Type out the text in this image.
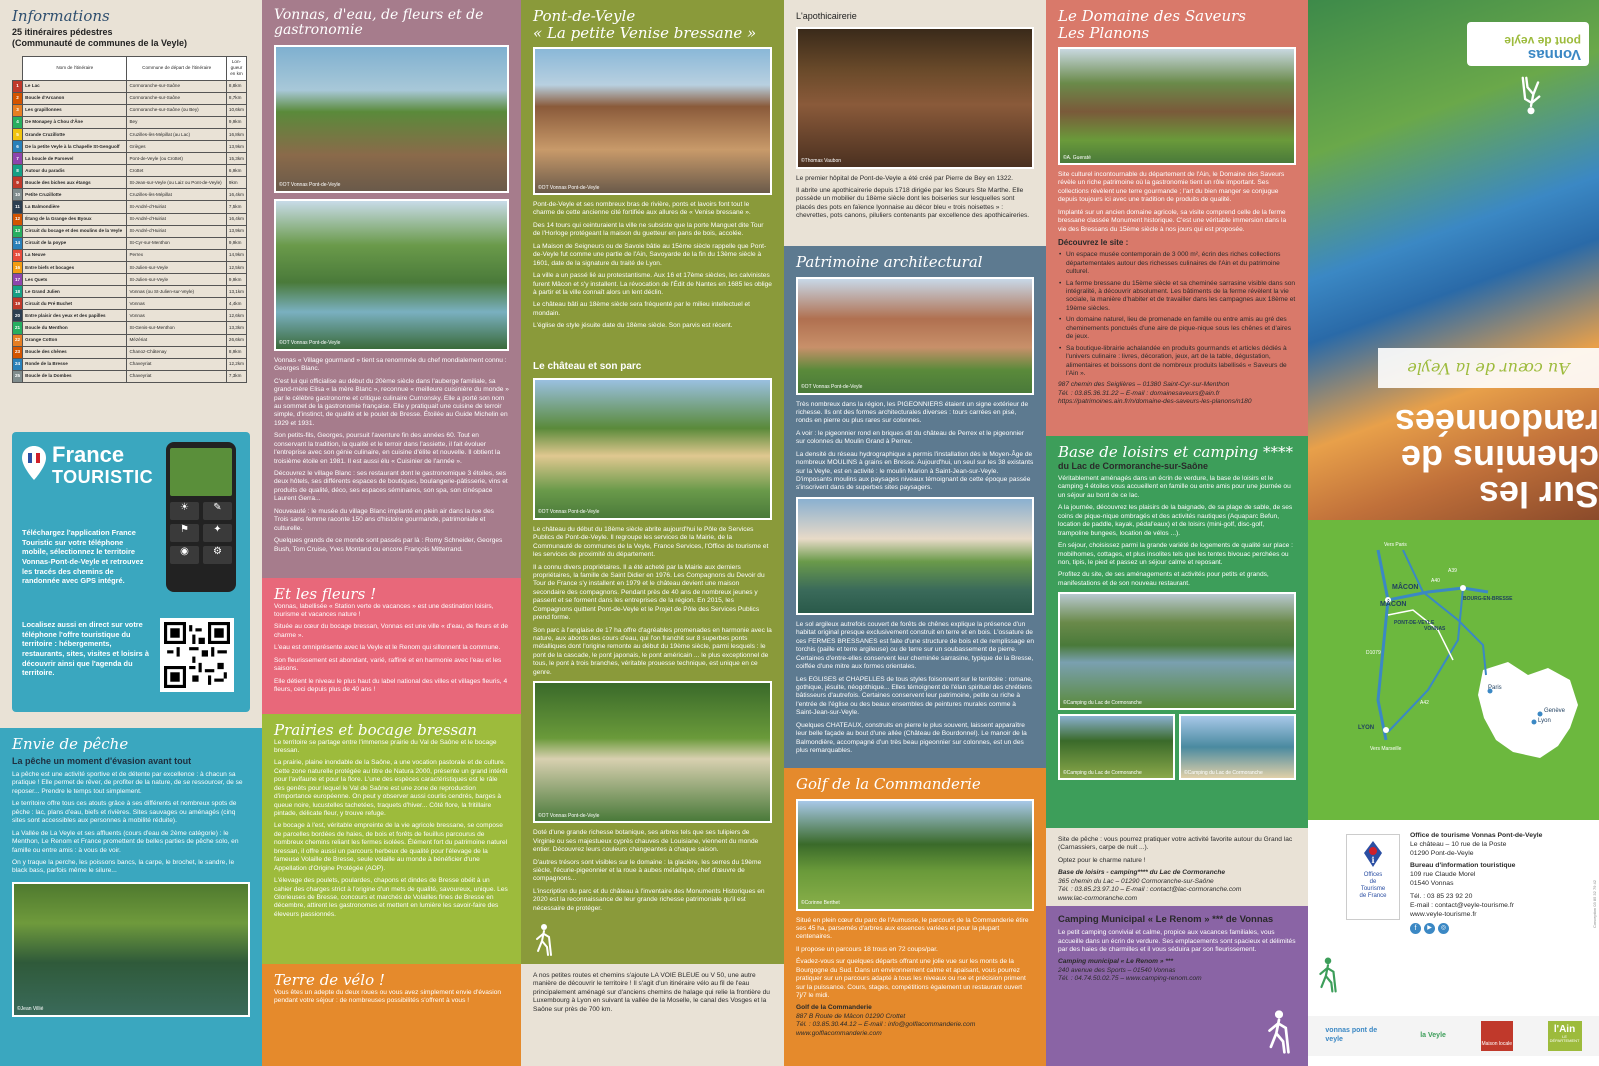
Informations
25 itinéraires pédestres
(Communauté de communes de la Veyle)
	Nom de l'itinéraire	Commune de départ de l'itinéraire	Lon-gueur en km
1	Le Lac	Cormoranche-sur-Saône	8,8km
2	Boucle d'Arcanon	Cormoranche-sur-Saône	8,7km
3	Les grapillonnes	Cormoranche-sur-Saône (ou Bey)	10,6km
4	De Monapey à Chou d'Âne	Bey	9,9km
5	Grande Cruzillotte	Cruzilles-lès-Mépillat (au Lac)	16,8km
6	De la petite Veyle à la Chapelle St-Genguolf	Grièges	13,9km
7	La boucle de Parsevel	Pont-de-Veyle (ou Crottet)	15,3km
8	Autour du paradis	Crottet	6,9km
9	Boucle des biches aux étangs	St-Jean-sur-Veyle (ou Laiz ou Pont-de-Veyle)	9km
10	Petite Cruzillotte	Cruzilles-lès-Mépillat	16,4km
11	La Balmondière	St-André-d'Huiriat	7,5km
12	Étang de la Grange des Byoux	St-André-d'Huiriat	16,4km
13	Circuit du bocage et des moulins de la Veyle	St-André-d'Huiriat	13,9km
14	Circuit de la poype	St-Cyr-sur-Menthon	9,9km
15	La Neuve	Perrex	14,9km
16	Entre biefs et bocages	St-Julien-sur-Veyle	12,5km
17	Les Quets	St-Julien-sur-Veyle	9,9km
18	Le Grand Julien	Vonnas (ou St-Julien-sur-Veyle)	13,1km
19	Circuit du Pré Buchet	Vonnas	4,4km
20	Entre plaisir des yeux et des papilles	Vonnas	12,6km
21	Boucle du Menthon	St-Genis-sur-Menthon	13,3km
22	Grange Cotton	Mézériat	26,6km
23	Boucle des chênes	Chanoz-Châtenay	8,9km
24	Ronde de la Bresse	Chaveyriat	12,2km
25	Boucle de la Dombes	Chaveyriat	7,3km
France
TOURISTIC
☀	✎
⚑	✦
◉	⚙
Téléchargez l'application France Touristic sur votre téléphone mobile, sélectionnez le territoire Vonnas-Pont-de-Veyle et retrouvez les tracés des chemins de randonnée avec GPS intégré.
Localisez aussi en direct sur votre téléphone l'offre touristique du territoire : hébergements, restaurants, sites, visites et loisirs à découvrir ainsi que l'agenda du territoire.
Envie de pêche
La pêche un moment d'évasion avant tout

La pêche est une activité sportive et de détente par excellence : à chacun sa pratique ! Elle permet de rêver, de profiter de la nature, de se ressourcer, de se reposer... Prendre le temps tout simplement.

Le territoire offre tous ces atouts grâce à ses différents et nombreux spots de pêche : lac, plans d'eau, biefs et rivières. Sites sauvages ou aménagés (cinq sites sont accessibles aux personnes à mobilité réduite).

La Vallée de La Veyle et ses affluents (cours d'eau de 2ème catégorie) : le Menthon, Le Renom et France promettent de belles parties de pêche solo, en famille ou entre amis : à vous de voir.

On y traque la perche, les poissons bancs, la carpe, le brochet, le sandre, le black bass, parfois même le silure...

©Jean Villié
Vonnas, d'eau, de fleurs et de gastronomie
©OT Vonnas Pont-de-Veyle
©OT Vonnas Pont-de-Veyle

Vonnas « Village gourmand » tient sa renommée du chef mondialement connu : Georges Blanc.

C'est lui qui officialise au début du 20ème siècle dans l'auberge familiale, sa grand-mère Elisa « la mère Blanc », reconnue « meilleure cuisinière du monde » par le célèbre gastronome et critique culinaire Curnonsky. Elle a porté son nom au sommet de la gastronomie française. Elle y pratiquait une cuisine de terroir simple, d'instinct, de qualité et le poulet de Bresse. Étoilée au Guide Michelin en 1929 et 1931.

Son petits-fils, Georges, poursuit l'aventure fin des années 60. Tout en conservant la tradition, la qualité et le terroir dans l'assiette, il fait évoluer l'entreprise avec son génie culinaire, en cuisine d'élite et nouvelle. Il obtient la troisième étoile en 1981. Il est aussi élu « Cuisinier de l'année ».

Découvrez le village Blanc : ses restaurant dont le gastronomique 3 étoiles, ses deux hôtels, ses différents espaces de boutiques, boulangerie-pâtisserie, vins et produits de qualité, déco, ses espaces séminaires, son spa, son cinéspace Laurent Gerra...

Nouveauté : le musée du village Blanc implanté en plein air dans la rue des Trois sans femme raconte 150 ans d'histoire gourmande, patrimoniale et culturelle.

Quelques grands de ce monde sont passés par là : Romy Schneider, Georges Bush, Tom Cruise, Yves Montand ou encore François Mitterrand.

Et les fleurs !

Vonnas, labellisée « Station verte de vacances » est une destination loisirs, tourisme et vacances nature !

Située au cœur du bocage bressan, Vonnas est une ville « d'eau, de fleurs et de charme ».

L'eau est omniprésente avec la Veyle et le Renom qui sillonnent la commune.

Son fleurissement est abondant, varié, raffiné et en harmonie avec l'eau et les saisons.

Elle détient le niveau le plus haut du label national des villes et villages fleuris, 4 fleurs, ceci depuis plus de 40 ans !

Prairies et bocage bressan

Le territoire se partage entre l'immense prairie du Val de Saône et le bocage bressan.

La prairie, plaine inondable de la Saône, a une vocation pastorale et de culture. Cette zone naturelle protégée au titre de Natura 2000, présente un grand intérêt pour l'avifaune et pour la flore. L'une des espèces caractéristiques est le râle des genêts pour lequel le Val de Saône est une zone de reproduction d'importance européenne. On peut y observer aussi courlis cendrés, barges à queue noire, lucustelles tachetées, traquets d'hiver... Côté flore, la fritillaire pintade, délicate fleur, y trouve refuge.

Le bocage à l'est, véritable empreinte de la vie agricole bressane, se compose de parcelles bordées de haies, de bois et forêts de feuillus parcourus de nombreux chemins reliant les fermes isolées. Élément fort du patrimoine naturel bressan, il offre aussi un parcours herbeux de qualité pour l'élevage de la fameuse Volaille de Bresse, seule volaille au monde à bénéficier d'une Appellation d'Origine Protégée (AOP).

L'élevage des poulets, poulardes, chapons et dindes de Bresse obéit à un cahier des charges strict à l'origine d'un mets de qualité, savoureux, unique. Les Glorieuses de Bresse, concours et marchés de Volailles fines de Bresse en décembre, attirent les gastronomes et mettent en lumière les savoir-faire des éleveurs passionnés.

Terre de vélo !

Vous êtes un adepte du deux roues ou vous avez simplement envie d'évasion pendant votre séjour : de nombreuses possibilités s'offrent à vous !

Pont-de-Veyle
« La petite Venise bressane »
©OT Vonnas Pont-de-Veyle

Pont-de-Veyle et ses nombreux bras de rivière, ponts et lavoirs font tout le charme de cette ancienne cité fortifiée aux allures de « Venise bressane ».

Des 14 tours qui ceinturaient la ville ne subsiste que la porte Manguet dite Tour de l'Horloge protégeant la maison du guetteur en pans de bois, accolée.

La Maison de Seigneurs ou de Savoie bâtie au 15ème siècle rappelle que Pont-de-Veyle fut comme une partie de l'Ain, Savoyarde de la fin du 13ème siècle à 1601, date de la signature du traité de Lyon.

La ville a un passé lié au protestantisme. Aux 16 et 17ème siècles, les calvinistes furent Mâcon et s'y installent. La révocation de l'Édit de Nantes en 1685 les oblige à partir et la ville connaît alors un lent déclin.

Le château bâti au 18ème siècle sera fréquenté par le milieu intellectuel et mondain.

L'église de style jésuite date du 18ème siècle. Son parvis est récent.

Le château et son parc
©OT Vonnas Pont-de-Veyle

Le château du début du 18ème siècle abrite aujourd'hui le Pôle de Services Publics de Pont-de-Veyle. Il regroupe les services de la Mairie, de la Communauté de communes de la Veyle, France Services, l'Office de tourisme et les services de proximité du département.

Il a connu divers propriétaires. Il a été acheté par la Mairie aux derniers propriétaires, la famille de Saint Didier en 1976. Les Compagnons du Devoir du Tour de France s'y installent en 1979 et le château devient une maison secondaire des compagnons. Pendant près de 40 ans de nombreux jeunes y passent et se forment dans les entreprises de la région. En 2015, les Compagnons quittent Pont-de-Veyle et le Projet de Pôle des Services Publics prend forme.

Son parc à l'anglaise de 17 ha offre d'agréables promenades en harmonie avec la nature, aux abords des cours d'eau, qui l'on franchit sur 8 superbes ponts métalliques dont l'origine remonte au début du 19ème siècle, parmi lesquels : le pont de la cascade, le pont japonais, le pont américain ... le plus exceptionnel de tous, le pont à trois branches, véritable prouesse technique, est unique en ce genre.

©OT Vonnas Pont-de-Veyle

Doté d'une grande richesse botanique, ses arbres tels que ses tulipiers de Virginie ou ses majestueux cyprès chauves de Louisiane, viennent du monde entier. Découvrez leurs couleurs changeantes à chaque saison.

D'autres trésors sont visibles sur le domaine : la glacière, les serres du 19ème siècle, l'écurie-pigeonnier et la roue à aubes métallique, chef d'œuvre de compagnons...

L'inscription du parc et du château à l'inventaire des Monuments Historiques en 2020 est la reconnaissance de leur grande richesse patrimoniale qu'il est nécessaire de protéger.

A nos petites routes et chemins s'ajoute LA VOIE BLEUE ou V 50, une autre manière de découvrir le territoire ! Il s'agit d'un itinéraire vélo au fil de l'eau principalement aménagé sur d'anciens chemins de halage qui relie la frontière du Luxembourg à Lyon en suivant la vallée de la Moselle, le canal des Vosges et la Saône sur près de 700 km.

L'apothicairerie
©Thomas Vaubon

Le premier hôpital de Pont-de-Veyle a été créé par Pierre de Bey en 1322.

Il abrite une apothicairerie depuis 1718 dirigée par les Sœurs Ste Marthe. Elle possède un mobilier du 18ème siècle dont les boiseries sur lesquelles sont placés des pots en faïence lyonnaise au décor bleu « trois noisettes » : chevrettes, pots canons, piluliers contenants par excellence des apothicaireries.

Patrimoine architectural
©OT Vonnas Pont-de-Veyle

Très nombreux dans la région, les PIGEONNIERS étaient un signe extérieur de richesse. Ils ont des formes architecturales diverses : tours carrées en pisé, ronds en pierre ou plus rares sur colonnes.

A voir : le pigeonnier rond en briques dit du château de Perrex et le pigeonnier sur colonnes du Moulin Grand à Perrex.

La densité du réseau hydrographique a permis l'installation dès le Moyen-Âge de nombreux MOULINS à grains en Bresse. Aujourd'hui, un seul sur les 38 existants sur la Veyle, est en activité : le moulin Marion à Saint-Jean-sur-Veyle. D'imposants moulins aux paysages niveaux témoignant de cette époque passée s'inscrivent dans de superbes sites paysagers.

Le sol argileux autrefois couvert de forêts de chênes explique la présence d'un habitat original presque exclusivement construit en terre et en bois. L'ossature de ces FERMES BRESSANES est faite d'une structure de bois et de remplissage en torchis (paille et terre argileuse) ou de terre sur un soubassement de pierre. Certaines d'entre-elles conservent leur cheminée sarrasine, typique de la Bresse, coiffée d'une mitre aux formes orientales.

Les EGLISES et CHAPELLES de tous styles foisonnent sur le territoire : romane, gothique, jésuite, néogothique... Elles témoignent de l'élan spirituel des chrétiens bâtisseurs d'autrefois. Certaines conservent leur patrimoine, petite ou riche à l'entrée de l'église ou des beaux ensembles de peintures murales comme à Saint-Jean-sur-Veyle.

Quelques CHATEAUX, construits en pierre le plus souvent, laissent apparaître leur belle façade au bout d'une allée (Château de Bourdonnel). Le manoir de la Balmondière, accompagné d'un très beau pigeonnier sur colonnes, est un des plus remarquables.

Golf de la Commanderie
©Corinne Berthet

Situé en plein cœur du parc de l'Aumusse, le parcours de la Commanderie étire ses 45 ha, parsemés d'arbres aux essences variées et pour la plupart centenaires.

Il propose un parcours 18 trous en 72 coups/par.

Évadez-vous sur quelques départs offrant une jolie vue sur les monts de la Bourgogne du Sud. Dans un environnement calme et apaisant, vous pourrez pratiquer sur un parcours adapté à tous les niveaux ou rse et précision priment sur la puissance. Cours, stages, compétitions également un restaurant ouvert 7j/7 le midi.

Golf de la Commanderie
887 B Route de Mâcon 01290 Crottet
Tél. : 03.85.30.44.12 – E-mail : info@golflacommanderie.com
www.golflacommanderie.com
Le Domaine des Saveurs
Les Planons
©A. Gueraté

Site culturel incontournable du département de l'Ain, le Domaine des Saveurs révèle un riche patrimoine où la gastronomie tient un rôle important. Ses collections révèlent une terre gourmande ; l'art du bien manger se conjugue depuis toujours ici avec une tradition de produits de qualité.

Implanté sur un ancien domaine agricole, sa visite comprend celle de la ferme bressane classée Monument historique. C'est une véritable immersion dans la vie des Bressans du 15ème siècle à nos jours qui est proposée.

Découvrez le site :
• Un espace musée contemporain de 3 000 m², écrin des riches collections départementales autour des richesses culinaires de l'Ain et du patrimoine culturel.
• La ferme bressane du 15ème siècle et sa cheminée sarrasine visible dans son intégralité, à découvrir absolument. Les bâtiments de la ferme révèlent la vie sociale, la manière d'habiter et de travailler dans les campagnes aux 18ème et 19ème siècles.
• Un domaine naturel, lieu de promenade en famille ou entre amis au gré des cheminements ponctués d'une aire de pique-nique sous les chênes et d'aires de jeux.
• Sa boutique-librairie achalandée en produits gourmands et articles dédiés à l'univers culinaire : livres, décoration, jeux, art de la table, dégustation, alimentaires et boissons dont de nombreux produits labellisés « Saveurs de l'Ain ».
987 chemin des Seiglières – 01380 Saint-Cyr-sur-Menthon
Tél. : 03.85.36.31.22 – E-mail : domainesaveurs@ain.fr
https://patrimoines.ain.fr/n/domaine-des-saveurs-les-planons/n180
Base de loisirs et camping ****
du Lac de Cormoranche-sur-Saône

Véritablement aménagés dans un écrin de verdure, la base de loisirs et le camping 4 étoiles vous accueillent en famille ou entre amis pour une journée ou un séjour au bord de ce lac.

A la journée, découvrez les plaisirs de la baignade, de sa plage de sable, de ses coins de pique-nique ombragés et des activités nautiques (Aquaparc Befun, location de paddle, kayak, pédal'eaux) et de loisirs (mini-golf, disc-golf, trampoline bungees, location de vélos ...).

En séjour, choisissez parmi la grande variété de logements de qualité sur place : mobilhomes, cottages, et plus insolites tels que les tentes bivouac perchées ou non, tipis, le pied et passez un séjour calme et reposant.

Profitez du site, de ses aménagements et activités pour petits et grands, manifestations et de son nouveau restaurant.

©Camping du Lac de Cormoranche
©Camping du Lac de Cormoranche	©Camping du Lac de Cormoranche

Site de pêche : vous pourrez pratiquer votre activité favorite autour du Grand lac (Carnassiers, carpe de nuit ...).

Optez pour le charme nature !

Base de loisirs - camping**** du Lac de Cormoranche
365 chemin du Lac – 01290 Cormoranche-sur-Saône
Tél. : 03.85.23.97.10 – E-mail : contact@lac-cormoranche.com
www.lac-cormoranche.com
Camping Municipal « Le Renom » *** de Vonnas

Le petit camping convivial et calme, propice aux vacances familiales, vous accueille dans un écrin de verdure. Ses emplacements sont spacieux et délimités par des haies de charmilles et il vous séduira par son fleurissement.

Camping municipal « Le Renom » ***
240 avenue des Sports – 01540 Vonnas
Tél. : 04.74.50.02.75 – www.camping-renom.com
Vonnas
pont de veyle
Au cœur de la Veyle
Sur les
chemins de
randonnées
MÂCON
Vers Paris
MÂCON
A40
A39
BOURG-EN-BRESSE
PONT-DE-VEYLE
VONNAS
D1079
A42
LYON
Vers Marseille
Paris
Genève
Lyon
i
Offices
de
Tourisme
de France
Office de tourisme Vonnas Pont-de-Veyle
Le château – 10 rue de la Poste
01290 Pont-de-Veyle
Bureau d'information touristique
109 rue Claude Morel
01540 Vonnas
Tél. : 03 85 23 92 20
E-mail : contact@veyle-tourisme.fr
www.veyle-tourisme.fr
f	▶	◎
vonnas pont de veyle
la Veyle
Maison locale
l'Ain
LE DÉPARTEMENT
Conception 03 85 32 79 42
